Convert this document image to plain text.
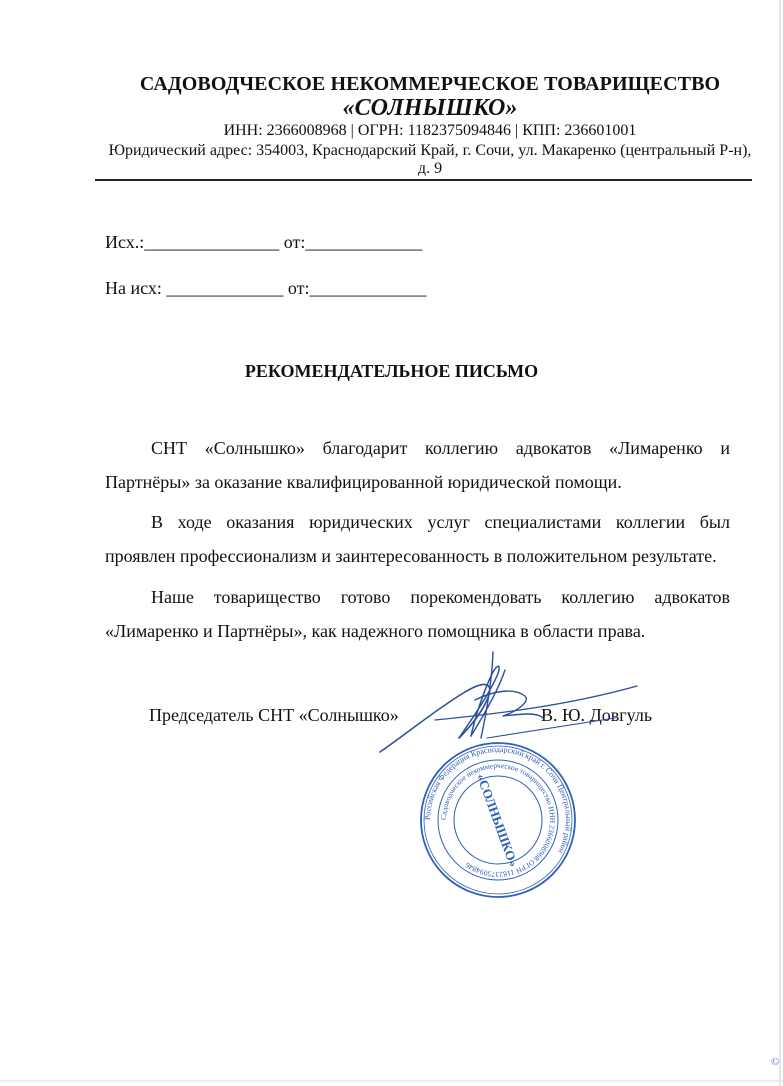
САДОВОДЧЕСКОЕ НЕКОММЕРЧЕСКОЕ ТОВАРИЩЕСТВО
«СОЛНЫШКО»
ИНН: 2366008968 | ОГРН: 1182375094846 | КПП: 236601001
Юридический адрес: 354003, Краснодарский Край, г. Сочи, ул. Макаренко (центральный Р-н),
д. 9
Исх.:_______________ от:_____________
На исх: _____________ от:_____________
РЕКОМЕНДАТЕЛЬНОЕ ПИСЬМО
СНТ «Солнышко» благодарит коллегию адвокатов «Лимаренко и Партнёры» за оказание квалифицированной юридической помощи.
В ходе оказания юридических услуг специалистами коллегии был проявлен профессионализм и заинтересованность в положительном результате.
Наше товарищество готово порекомендовать коллегию адвокатов «Лимаренко и Партнёры», как надежного помощника в области права.
Председатель СНТ «Солнышко»	В. Ю. Довгуль
Российская Федерация Краснодарский край г. Сочи Центральный район
Садоводческое некоммерческое товарищество ИНН 2366008968 ОГРН 1182375094846 «СОЛНЫШКО»
©
